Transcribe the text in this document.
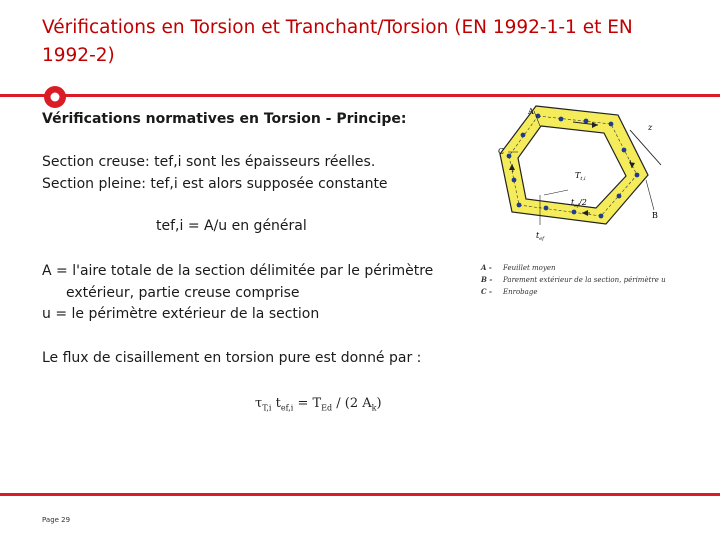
Vérifications en Torsion et Tranchant/Torsion (EN 1992-1-1 et EN 1992-2)
Vérifications normatives en Torsion - Principe:
Section creuse: tef,i sont les épaisseurs réelles.
Section pleine: tef,i est alors supposée constante
tef,i = A/u en général
A = l'aire totale de la section délimitée par le périmètre
extérieur, partie creuse comprise
u = le périmètre extérieur de la section
Le flux de cisaillement en torsion pure est donné par :
A
C
B
z
$T_{t,i}$
$t_{ef}/2$
$t_{ef}$
A - Feuillet moyen
B - Parement extérieur de la section, périmètre u
C - Enrobage
$\tau_{T,i}$ $t_{ef,i} = T_{Ed} / (2$ $A_k$)
Page 29
